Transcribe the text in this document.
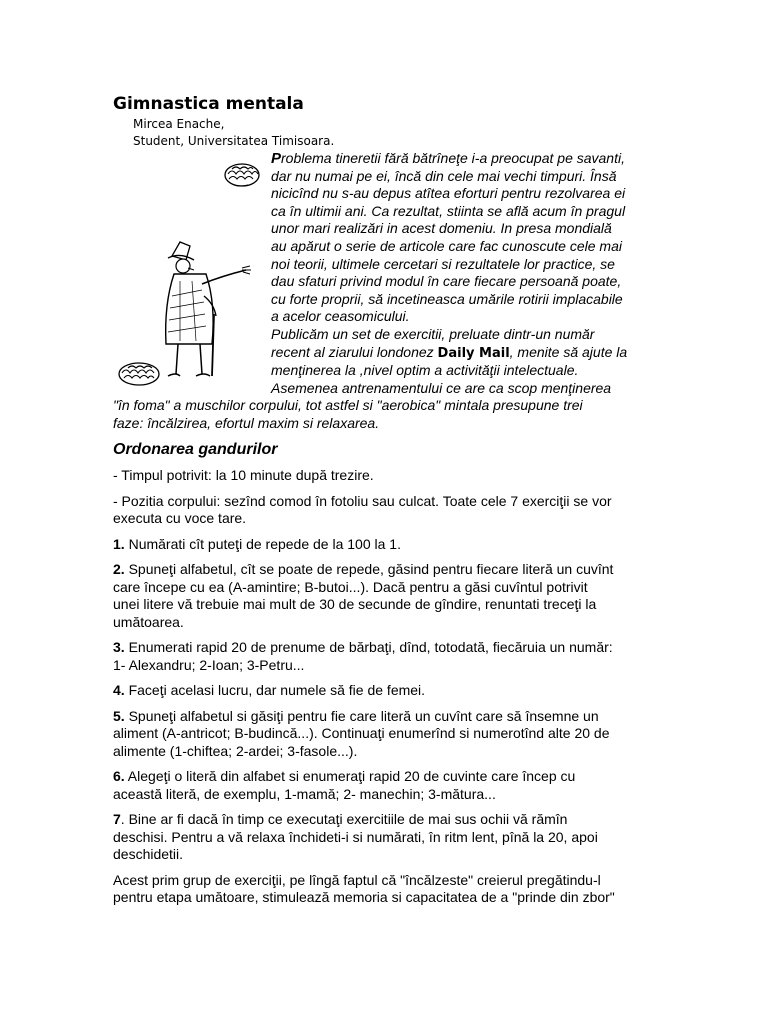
Gimnastica mentala
Mircea Enache,
Student, Universitatea Timisoara.
Problema tineretii fără bătrîneţe i-a preocupat pe savanti,
dar nu numai pe ei, încă din cele mai vechi timpuri. Însă
nicicînd nu s-au depus atîtea eforturi pentru rezolvarea ei
ca în ultimii ani. Ca rezultat, stiinta se află acum în pragul
unor mari realizări in acest domeniu. In presa mondială
au apărut o serie de articole care fac cunoscute cele mai
noi teorii, ultimele cercetari si rezultatele lor practice, se
dau sfaturi privind modul în care fiecare persoană poate,
cu forte proprii, să incetineasca umările rotirii implacabile
a acelor ceasomicului.
Publicăm un set de exercitii, preluate dintr-un număr
recent al ziarului londonez Daily Mail, menite să ajute la
menţinerea la ,nivel optim a activităţii intelectuale.
Asemenea antrenamentului ce are ca scop menţinerea
"în foma" a muschilor corpului, tot astfel si "aerobica" mintala presupune trei
faze: încălzirea, efortul maxim si relaxarea.
Ordonarea gandurilor

- Timpul potrivit: la 10 minute după trezire.

- Pozitia corpului: sezînd comod în fotoliu sau culcat. Toate cele 7 exerciţii se vor
executa cu voce tare.

1. Numărati cît puteţi de repede de la 100 la 1.

2. Spuneţi alfabetul, cît se poate de repede, găsind pentru fiecare literă un cuvînt
care începe cu ea (A-amintire; B-butoi...). Dacă pentru a găsi cuvîntul potrivit
unei litere vă trebuie mai mult de 30 de secunde de gîndire, renuntati treceţi la
umătoarea.

3. Enumerati rapid 20 de prenume de bărbaţi, dînd, totodată, fiecăruia un număr:
1- Alexandru; 2-Ioan; 3-Petru...

4. Faceţi acelasi lucru, dar numele să fie de femei.

5. Spuneţi alfabetul si găsiţi pentru fie care literă un cuvînt care să însemne un
aliment (A-antricot; B-budincă...). Continuaţi enumerînd si numerotînd alte 20 de
alimente (1-chiftea; 2-ardei; 3-fasole...).

6. Alegeţi o literă din alfabet si enumeraţi rapid 20 de cuvinte care încep cu
această literă, de exemplu, 1-mamă; 2- manechin; 3-mătura...

7. Bine ar fi dacă în timp ce executaţi exercitiile de mai sus ochii vă rămîn
deschisi. Pentru a vă relaxa închideti-i si numărati, în ritm lent, pînă la 20, apoi
deschidetii.

Acest prim grup de exerciţii, pe lîngă faptul că "încălzeste" creierul pregătindu-l
pentru etapa umătoare, stimulează memoria si capacitatea de a "prinde din zbor"
